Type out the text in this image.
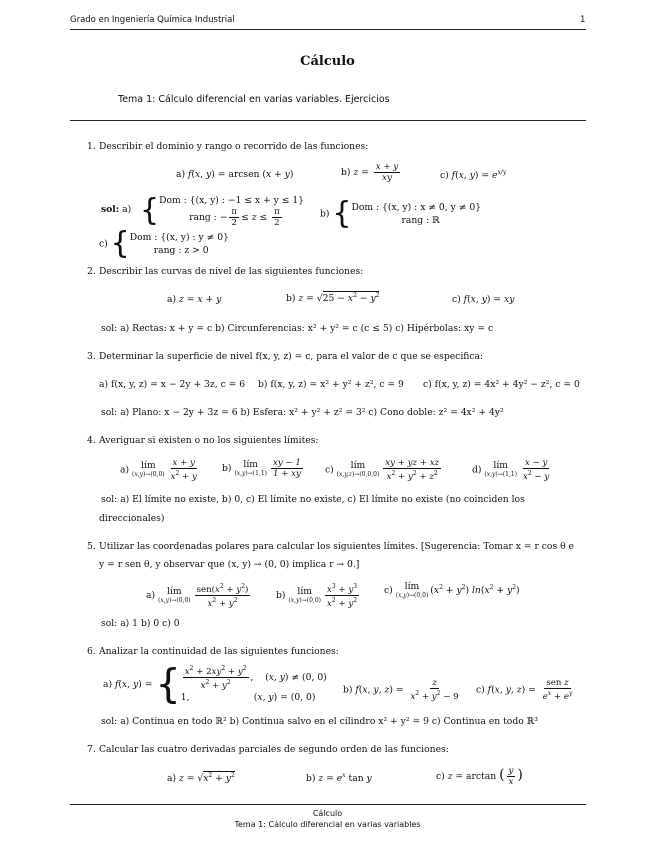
Grado en Ingeniería Química Industrial	1
Cálculo
Tema 1: Cálculo diferencial en varias variables. Ejercicios
1. Describir el dominio y rango o recorrido de las funciones:
a) f(x, y) = arcsen (x + y)	b) $z = \frac{x + y}{xy}$	c) f(x, $y) = e^{x/y}$
sol: a) { Dom : {(x, y) : −1 ≤ x + y ≤ 1}
rang : − $\frac{\pi}{2} \le z \le \frac{\pi}{2}$	b) { Dom : {(x, y) : x ≠ 0, y ≠ 0}
rang : ℝ
c) { Dom : {(x, y) : y ≠ 0}
rang : z > 0
2. Describir las curvas de nivel de las siguientes funciones:
a) z = x + y	b) $z = √25 - x^2 - y^2$	c) f(x, y) = xy
sol: a) Rectas: x + y = c b) Circunferencias: x² + y² = c (c ≤ 5) c) Hipérbolas: xy = c
3. Determinar la superficie de nivel f(x, y, z) = c, para el valor de c que se especifica:
a) f(x, y, z) = x − 2y + 3z, c = 6 b) f(x, y, z) = x² + y² + z², c = 9 c) f(x, y, z) = 4x² + 4y² − z², c = 0
sol: a) Plano: x − 2y + 3z = 6 b) Esfera: x² + y² + z² = 3² c) Cono doble: z² = 4x² + 4y²
4. Averiguar si existen o no los siguientes límites:
a) lím
$(x,y)\to(0,0) \frac{x + y}{x^2 + y}$	b) lím
$(x,y)\to(1,1) \frac{xy - 1}{1 + xy} c$) lím
$(x,y,z)\to(0,0,0) \frac{xy + yz + xz}{x^2 + y^2 + z^2}$	d) lím
$(x,y)\to(1,1) \frac{x - y}{x^2 - y}$
sol: a) El límite no existe, b) 0, c) El límite no existe, c) El límite no existe (no coinciden los
direccionales)
5. Utilizar las coordenadas polares para calcular los siguientes límites. [Sugerencia: Tomar x = r cos θ e
y = r sen θ, y observar que (x, y) → (0, 0) implica r → 0.]
a) lím
$(x,y)\to(0,0) \frac{sen(x^2 + y^2)}{x^2 + y^2}$	b) lím
$(x,y)\to(0,0) \frac{x^3 + y^3}{x^2 + y^2}$	c) lím
(x,y)→(0,0) $(x^2 + y^2) \ln(x^2 + y^2)$
sol: a) 1 b) 0 c) 0
6. Analizar la continuidad de las siguientes funciones:
a) f(x, y) = { $\frac{x^2 + 2xy^2 + y^2}{x^2 + y^2}$ ,    (x, y) ≠ (0, 0)
1,                      (x, y) = (0, 0)
b) f(x, y, $z) = \frac{z}{x^2 + y^2 - 9} c$) f(x, y, $z) = \frac{\text{sen z}}{e^x + e^y}$
sol: a) Continua en todo ℝ² b) Continua salvo en el cilindro x² + y² = 9 c) Continua en todo ℝ³
7. Calcular las cuatro derivadas parciales de segundo orden de las funciones:
a) $z = √x^2 + y^2$	b) $z = e^x$ tan y	c) z = arctan ( $\frac{y}{x}$ )
Cálculo
Tema 1: Cálculo diferencial en varias variables
